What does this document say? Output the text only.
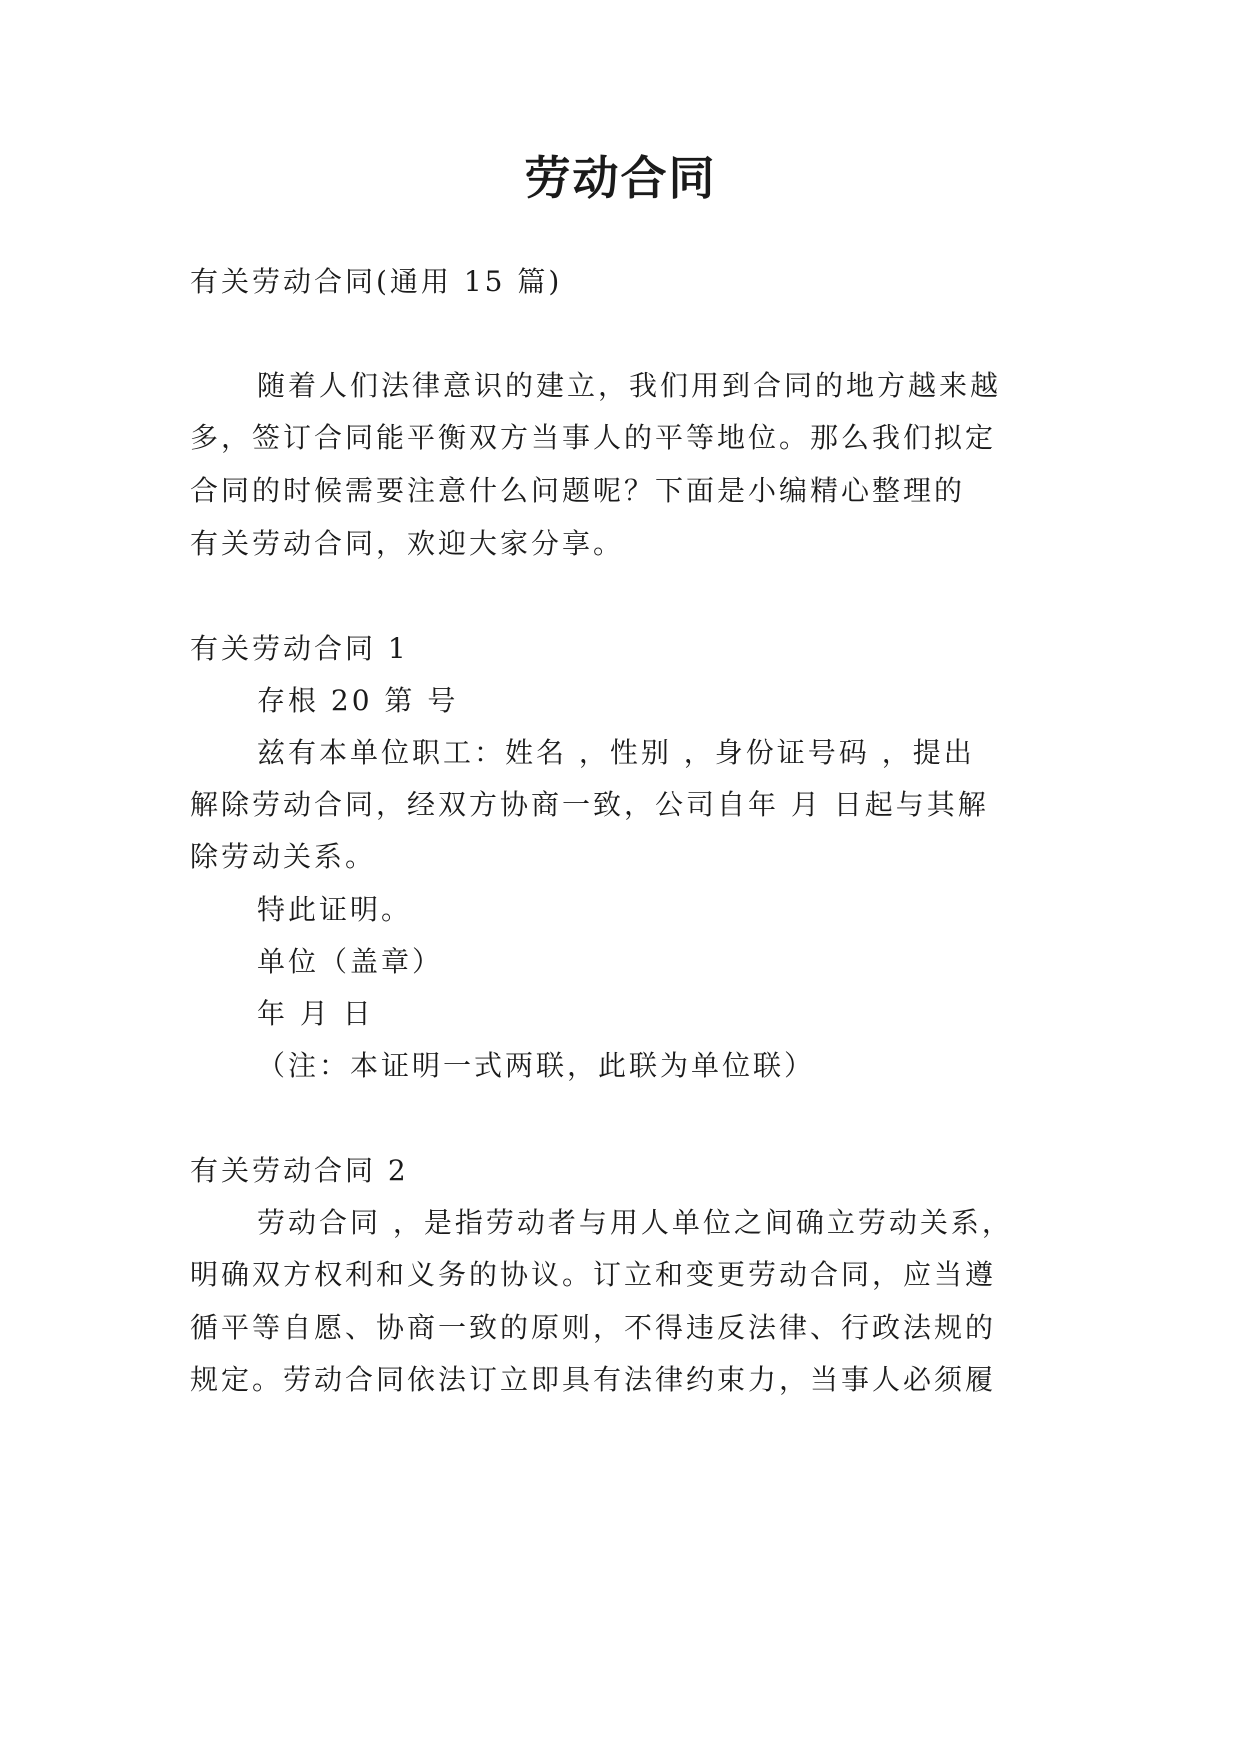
劳动合同

有关劳动合同(通用 15 篇)

随着人们法律意识的建立，我们用到合同的地方越来越

多，签订合同能平衡双方当事人的平等地位。那么我们拟定

合同的时候需要注意什么问题呢？下面是小编精心整理的

有关劳动合同，欢迎大家分享。

有关劳动合同 1

存根 20 第 号

兹有本单位职工：姓名 ，性别 ，身份证号码 ，提出

解除劳动合同，经双方协商一致，公司自年 月 日起与其解

除劳动关系。

特此证明。

单位（盖章）

年 月 日

（注：本证明一式两联，此联为单位联）

有关劳动合同 2

劳动合同 ，是指劳动者与用人单位之间确立劳动关系，

明确双方权利和义务的协议。订立和变更劳动合同，应当遵

循平等自愿、协商一致的原则，不得违反法律、行政法规的

规定。劳动合同依法订立即具有法律约束力，当事人必须履
